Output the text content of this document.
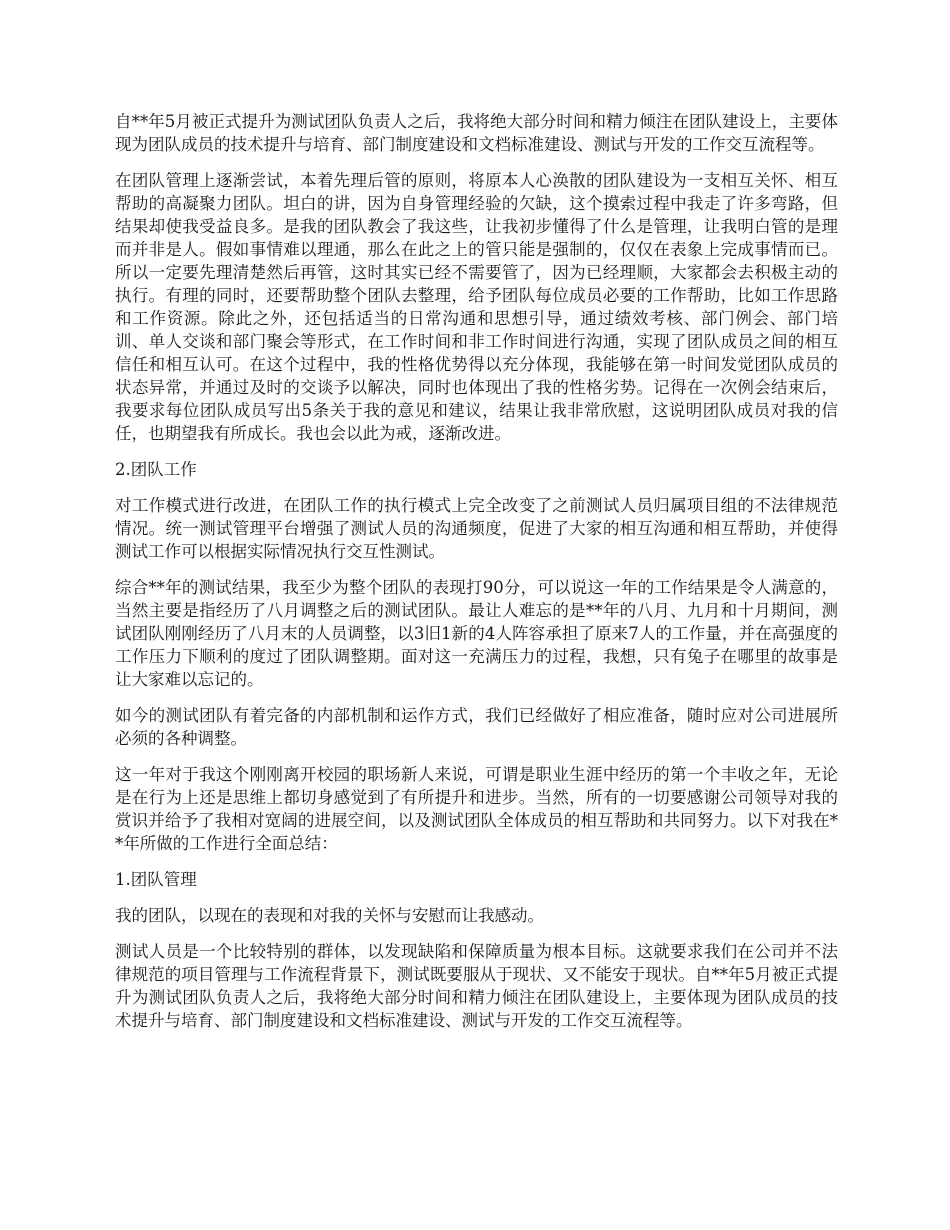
自**年5月被正式提升为测试团队负责人之后，我将绝大部分时间和精力倾注在团队建设上，主要体现为团队成员的技术提升与培育、部门制度建设和文档标准建设、测试与开发的工作交互流程等。

在团队管理上逐渐尝试，本着先理后管的原则，将原本人心涣散的团队建设为一支相互关怀、相互帮助的高凝聚力团队。坦白的讲，因为自身管理经验的欠缺，这个摸索过程中我走了许多弯路，但结果却使我受益良多。是我的团队教会了我这些，让我初步懂得了什么是管理，让我明白管的是理而并非是人。假如事情难以理通，那么在此之上的管只能是强制的，仅仅在表象上完成事情而已。所以一定要先理清楚然后再管，这时其实已经不需要管了，因为已经理顺，大家都会去积极主动的执行。有理的同时，还要帮助整个团队去整理，给予团队每位成员必要的工作帮助，比如工作思路和工作资源。除此之外，还包括适当的日常沟通和思想引导，通过绩效考核、部门例会、部门培训、单人交谈和部门聚会等形式，在工作时间和非工作时间进行沟通，实现了团队成员之间的相互信任和相互认可。在这个过程中，我的性格优势得以充分体现，我能够在第一时间发觉团队成员的状态异常，并通过及时的交谈予以解决，同时也体现出了我的性格劣势。记得在一次例会结束后，我要求每位团队成员写出5条关于我的意见和建议，结果让我非常欣慰，这说明团队成员对我的信任，也期望我有所成长。我也会以此为戒，逐渐改进。

2.团队工作

对工作模式进行改进，在团队工作的执行模式上完全改变了之前测试人员归属项目组的不法律规范情况。统一测试管理平台增强了测试人员的沟通频度，促进了大家的相互沟通和相互帮助，并使得测试工作可以根据实际情况执行交互性测试。

综合**年的测试结果，我至少为整个团队的表现打90分，可以说这一年的工作结果是令人满意的，当然主要是指经历了八月调整之后的测试团队。最让人难忘的是**年的八月、九月和十月期间，测试团队刚刚经历了八月末的人员调整，以3旧1新的4人阵容承担了原来7人的工作量，并在高强度的工作压力下顺利的度过了团队调整期。面对这一充满压力的过程，我想，只有兔子在哪里的故事是让大家难以忘记的。

如今的测试团队有着完备的内部机制和运作方式，我们已经做好了相应准备，随时应对公司进展所必须的各种调整。

这一年对于我这个刚刚离开校园的职场新人来说，可谓是职业生涯中经历的第一个丰收之年，无论是在行为上还是思维上都切身感觉到了有所提升和进步。当然，所有的一切要感谢公司领导对我的赏识并给予了我相对宽阔的进展空间，以及测试团队全体成员的相互帮助和共同努力。以下对我在**年所做的工作进行全面总结：

1.团队管理

我的团队，以现在的表现和对我的关怀与安慰而让我感动。

测试人员是一个比较特别的群体，以发现缺陷和保障质量为根本目标。这就要求我们在公司并不法律规范的项目管理与工作流程背景下，测试既要服从于现状、又不能安于现状。自**年5月被正式提升为测试团队负责人之后，我将绝大部分时间和精力倾注在团队建设上，主要体现为团队成员的技术提升与培育、部门制度建设和文档标准建设、测试与开发的工作交互流程等。
